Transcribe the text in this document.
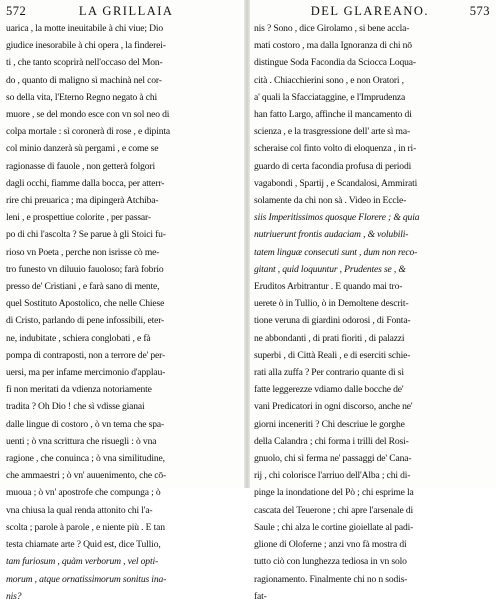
572	LA GRILLAIA
uarica , la motte ineuitabile à chi viue; Dio
giudice inesorabile à chi opera , la finderei-
ti , che tanto scoprirà nell'occaso del Mon-
do , quanto di maligno sì machinà nel cor-
so della vita, l'Eterno Regno negato à chi
muore , se del mondo esce con vn sol neo di
colpa mortale : sì coronerà di rose , e dipinta
col minio danzerà sù pergami , e come se
ragionasse di fauole , non getterà folgori
dagli occhi, fiamme dalla bocca, per atterr-
rire chi preuarica ; ma dipingerà Atchiba-
leni , e prospettiue colorite , per passar-
po di chi l'ascolta ? Se parue à gli Stoici fu-
rioso vn Poeta , perche non isrisse cò me-
tro funesto vn diluuio fauoloso; farà fobrio
presso de' Cristiani , e farà sano di mente,
quel Sostituto Apostolico, che nelle Chiese
di Cristo, parlando di pene infossibili, eter-
ne, indubitate , schiera conglobati , e fà
pompa di contraposti, non a terrore de' per-
uersi, ma per infame mercimonio d'applau-
fi non meritati da vdienza notoriamente
tradita ? Oh Dio ! che sì vdisse gianai
dalle lingue di costoro , ò vn tema che spa-
uenti ; ò vna scrittura che risuegli : ò vna
ragione , che conuinca ; ò vna similitudine,
che ammaestri ; ò vn' auuenimento, che cō-
muoua ; ò vn' apostrofe che compunga ; ò
vna chiusa la qual renda attonito chi l'a-
scolta ; parole à parole , e niente più . E tan
testa chiamate arte ? Quid est, dice Tullio,
tam furiosum , quàm verborum , vel opti-
morum , atque ornatissimorum sonitus ina-
nis?
DEL GLAREANO.	573
nis ? Sono , dice Girolamo , si bene accla-
mati costoro , ma dalla Ignoranza di chi nō
distingue Soda Facondia da Sciocca Loqua-
cità . Chiacchierini sono , e non Oratori ,
a' quali la Sfacciataggine, e l'Imprudenza
han fatto Largo, affinche il mancamento di
scienza , e la trasgressione dell' arte sì ma-
scheraise col finto volto di eloquenza , in ri-
guardo di certa facondia profusa di periodi
vagabondi , Spartij , e Scandalosi, Ammirati
solamente da chi non sà . Video in Eccle-
siis Imperitissimos quosque Florere ; & quia
nutriuerunt frontis audaciam , & volubili-
tatem linguæ consecuti sunt , dum non reco-
gitant , quid loquuntur , Prudentes se , &
Eruditos Arbitrantur . E quando mai tro-
uerete ò in Tullio, ò in Demoltene descrit-
tione veruna di giardini odorosi , di Fonta-
ne abbondanti , di prati fioriti , di palazzi
superbi , di Città Reali , e di eserciti schie-
rati alla zuffa ? Per contrario quante di sì
fatte leggerezze vdiamo dalle bocche de'
vani Predicatori in ogni discorso, anche ne'
giorni inceneriti ? Chi descriue le gorghe
della Calandra ; chi forma i trilli del Rosi-
gnuolo, chi sì ferma ne' passaggi de' Cana-
rij , chi colorisce l'arriuo dell'Alba ; chi di-
pinge la inondatione del Pò ; chi esprime la
cascata del Teuerone ; chi apre l'arsenale di
Saule ; chi alza le cortine gioiellate al padi-
glione di Oloferne ; anzi vno fà mostra di
tutto ciò con lunghezza tediosa in vn solo
ragionamento. Finalmente chi no n sodis-
fat-
